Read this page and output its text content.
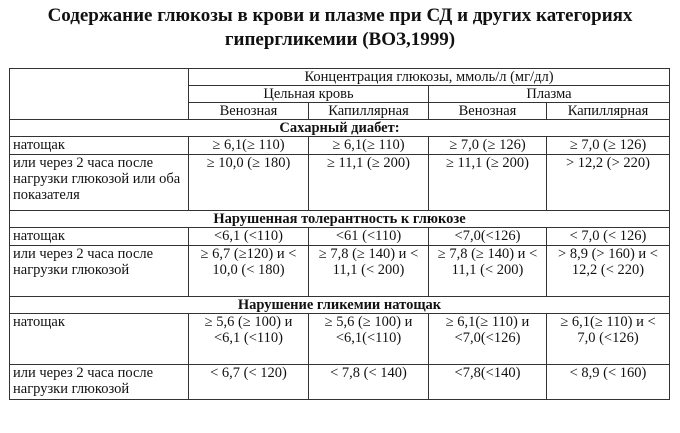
Содержание глюкозы в крови и плазме при СД и других категориях
гипергликемии (ВОЗ,1999)
	Концентрация глюкозы, ммоль/л (мг/дл)			
	Цельная кровь		Плазма	
	Венозная	Капиллярная	Венозная	Капиллярная
Сахарный диабет:				
натощак	≥ 6,1(≥ 110)	≥ 6,1(≥ 110)	≥ 7,0 (≥ 126)	≥ 7,0 (≥ 126)
или через 2 часа после нагрузки глюкозой или оба показателя	≥ 10,0 (≥ 180)	≥ 11,1 (≥ 200)	≥ 11,1 (≥ 200)	> 12,2 (> 220)
Нарушенная толерантность к глюкозе				
натощак	<6,1 (<110)	<61 (<110)	<7,0(<126)	< 7,0 (< 126)
или через 2 часа после нагрузки глюкозой	≥ 6,7 (≥120) и < 10,0 (< 180)	≥ 7,8 (≥ 140) и < 11,1 (< 200)	≥ 7,8 (≥ 140) и < 11,1 (< 200)	> 8,9 (> 160) и < 12,2 (< 220)
Нарушение гликемии натощак				
натощак	≥ 5,6 (≥ 100) и <6,1 (<110)	≥ 5,6 (≥ 100) и <6,1(<110)	≥ 6,1(≥ 110) и <7,0(<126)	≥ 6,1(≥ 110) и < 7,0 (<126)
или через 2 часа после нагрузки глюкозой	< 6,7 (< 120)	< 7,8 (< 140)	<7,8(<140)	< 8,9 (< 160)
